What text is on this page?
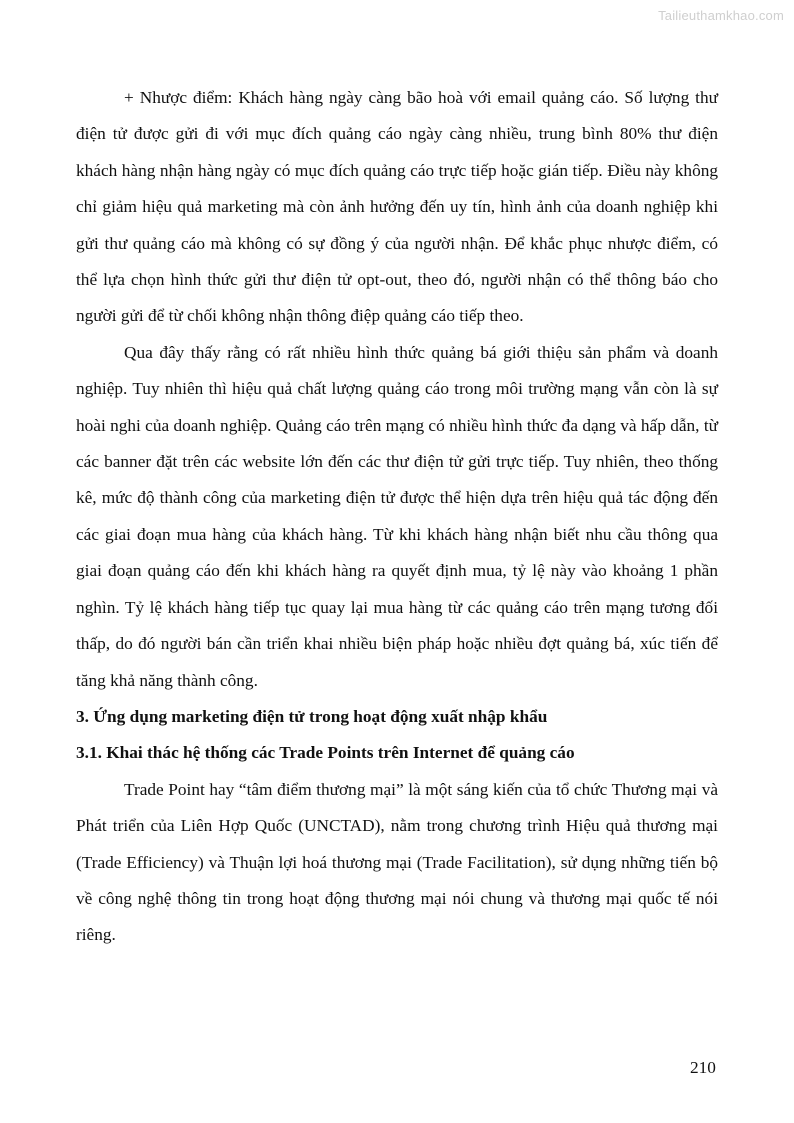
Tailieuthamkhao.com

+ Nhược điểm: Khách hàng ngày càng bão hoà với email quảng cáo. Số lượng thư điện tử được gửi đi với mục đích quảng cáo ngày càng nhiều, trung bình 80% thư điện khách hàng nhận hàng ngày có mục đích quảng cáo trực tiếp hoặc gián tiếp. Điều này không chỉ giảm hiệu quả marketing mà còn ảnh hưởng đến uy tín, hình ảnh của doanh nghiệp khi gửi thư quảng cáo mà không có sự đồng ý của người nhận. Để khắc phục nhược điểm, có thể lựa chọn hình thức gửi thư điện tử opt-out, theo đó, người nhận có thể thông báo cho người gửi để từ chối không nhận thông điệp quảng cáo tiếp theo.

Qua đây thấy rằng có rất nhiều hình thức quảng bá giới thiệu sản phẩm và doanh nghiệp. Tuy nhiên thì hiệu quả chất lượng quảng cáo trong môi trường mạng vẫn còn là sự hoài nghi của doanh nghiệp. Quảng cáo trên mạng có nhiều hình thức đa dạng và hấp dẫn, từ các banner đặt trên các website lớn đến các thư điện tử gửi trực tiếp. Tuy nhiên, theo thống kê, mức độ thành công của marketing điện tử được thể hiện dựa trên hiệu quả tác động đến các giai đoạn mua hàng của khách hàng. Từ khi khách hàng nhận biết nhu cầu thông qua giai đoạn quảng cáo đến khi khách hàng ra quyết định mua, tỷ lệ này vào khoảng 1 phần nghìn. Tỷ lệ khách hàng tiếp tục quay lại mua hàng từ các quảng cáo trên mạng tương đối thấp, do đó người bán cần triển khai nhiều biện pháp hoặc nhiều đợt quảng bá, xúc tiến để tăng khả năng thành công.

3. Ứng dụng marketing điện tử trong hoạt động xuất nhập khẩu

3.1. Khai thác hệ thống các Trade Points trên Internet để quảng cáo

Trade Point hay “tâm điểm thương mại” là một sáng kiến của tổ chức Thương mại và Phát triển của Liên Hợp Quốc (UNCTAD), nằm trong chương trình Hiệu quả thương mại (Trade Efficiency) và Thuận lợi hoá thương mại (Trade Facilitation), sử dụng những tiến bộ về công nghệ thông tin trong hoạt động thương mại nói chung và thương mại quốc tế nói riêng.

210
